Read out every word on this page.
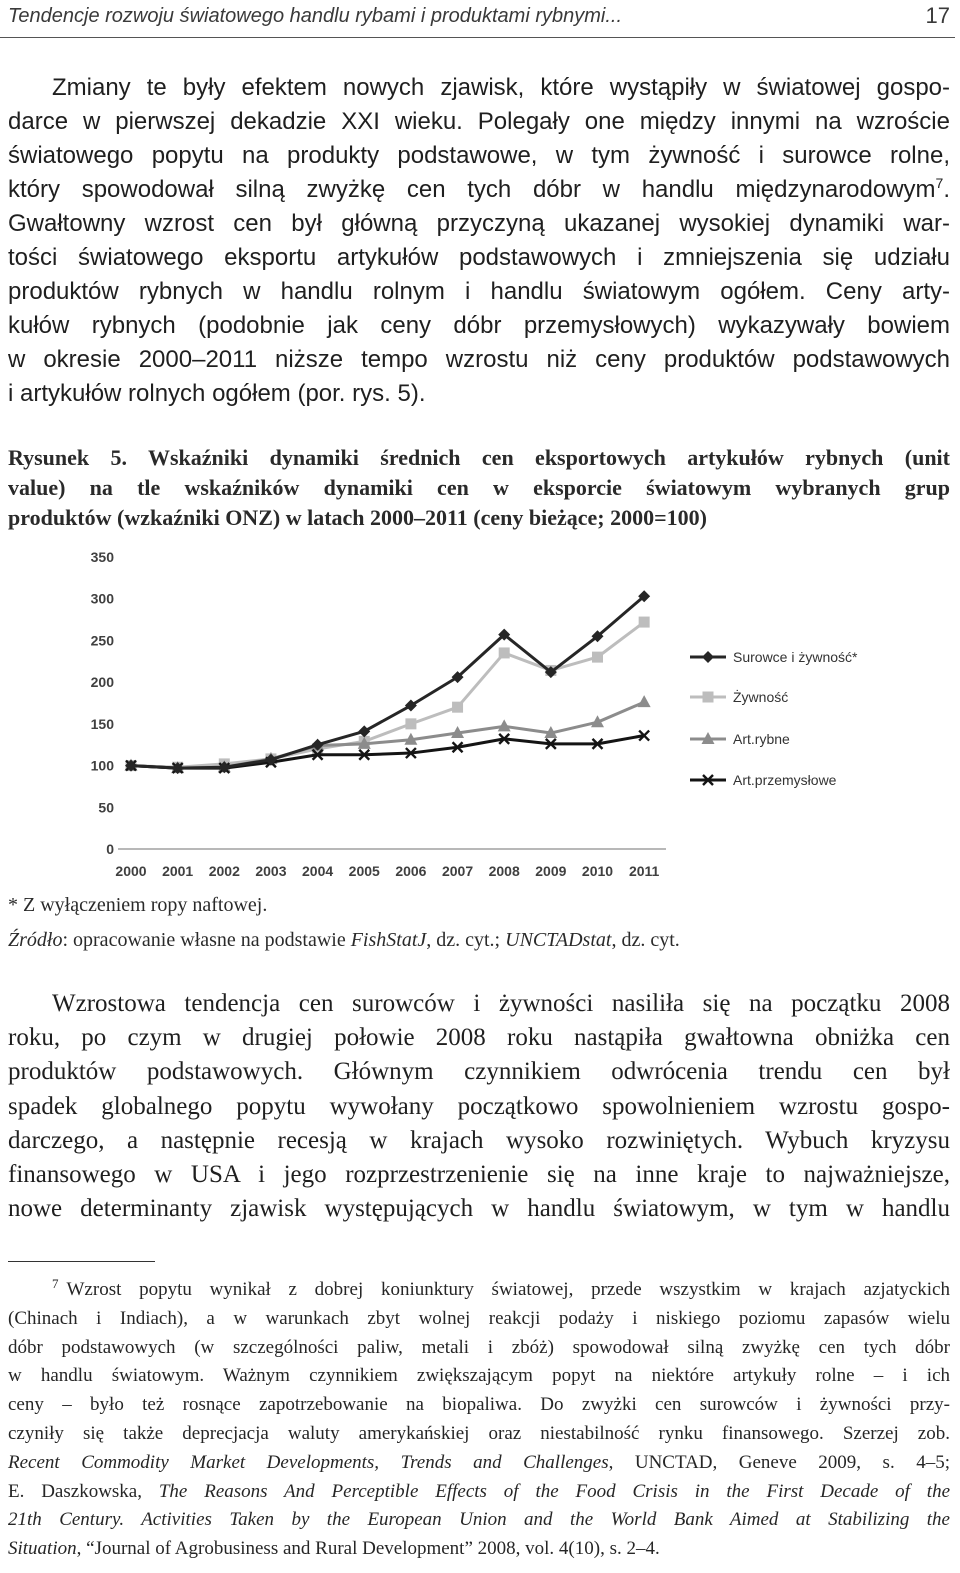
Tendencje rozwoju światowego handlu rybami i produktami rybnymi...	17
Zmiany te były efektem nowych zjawisk, które wystąpiły w światowej gospo-
darce w pierwszej dekadzie XXI wieku. Polegały one między innymi na wzroście
światowego popytu na produkty podstawowe, w tym żywność i surowce rolne,
który spowodował silną zwyżkę cen tych dóbr w handlu międzynarodowym$^7$.
Gwałtowny wzrost cen był główną przyczyną ukazanej wysokiej dynamiki war-
tości światowego eksportu artykułów podstawowych i zmniejszenia się udziału
produktów rybnych w handlu rolnym i handlu światowym ogółem. Ceny arty-
kułów rybnych (podobnie jak ceny dóbr przemysłowych) wykazywały bowiem
w okresie 2000–2011 niższe tempo wzrostu niż ceny produktów podstawowych
i artykułów rolnych ogółem (por. rys. 5).
Rysunek 5. Wskaźniki dynamiki średnich cen eksportowych artykułów rybnych (unit
value) na tle wskaźników dynamiki cen w eksporcie światowym wybranych grup
produktów (wzkaźniki ONZ) w latach 2000–2011 (ceny bieżące; 2000=100)
0
50
100
150
200
250
300
350
2000 2001 2002 2003 2004 2005 2006 2007 2008 2009 2010 2011
Surowce i żywność*
Żywność
Art.rybne
Art.przemysłowe
* Z wyłączeniem ropy naftowej.
Źródło: opracowanie własne na podstawie FishStatJ, dz. cyt.; UNCTADstat, dz. cyt.
Wzrostowa tendencja cen surowców i żywności nasiliła się na początku 2008
roku, po czym w drugiej połowie 2008 roku nastąpiła gwałtowna obniżka cen
produktów podstawowych. Głównym czynnikiem odwrócenia trendu cen był
spadek globalnego popytu wywołany początkowo spowolnieniem wzrostu gospo-
darczego, a następnie recesją w krajach wysoko rozwiniętych. Wybuch kryzysu
finansowego w USA i jego rozprzestrzenienie się na inne kraje to najważniejsze,
nowe determinanty zjawisk występujących w handlu światowym, w tym w handlu
$^7$ Wzrost popytu wynikał z dobrej koniunktury światowej, przede wszystkim w krajach azjatyckich
(Chinach i Indiach), a w warunkach zbyt wolnej reakcji podaży i niskiego poziomu zapasów wielu
dóbr podstawowych (w szczególności paliw, metali i zbóż) spowodował silną zwyżkę cen tych dóbr
w handlu światowym. Ważnym czynnikiem zwiększającym popyt na niektóre artykuły rolne – i ich
ceny – było też rosnące zapotrzebowanie na biopaliwa. Do zwyżki cen surowców i żywności przy-
czyniły się także deprecjacja waluty amerykańskiej oraz niestabilność rynku finansowego. Szerzej zob.
Recent Commodity Market Developments, Trends and Challenges, UNCTAD, Geneve 2009, s. 4–5;
E. Daszkowska, The Reasons And Perceptible Effects of the Food Crisis in the First Decade of the
21th Century. Activities Taken by the European Union and the World Bank Aimed at Stabilizing the
Situation, “Journal of Agrobusiness and Rural Development” 2008, vol. 4(10), s. 2–4.
